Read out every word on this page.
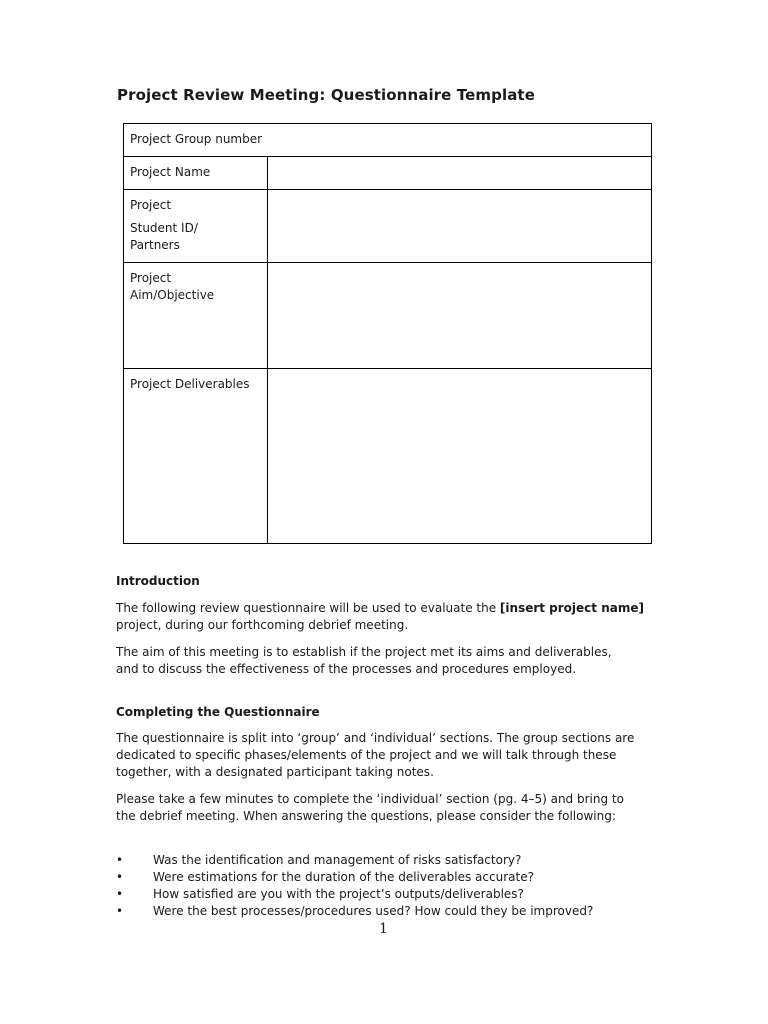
Project Review Meeting: Questionnaire Template
Project Group number
Project Name
Project
Student ID/
Partners
Project
Aim/Objective
Project Deliverables
Introduction
The following review questionnaire will be used to evaluate the [insert project name] project, during our forthcoming debrief meeting.
The aim of this meeting is to establish if the project met its aims and deliverables, and to discuss the effectiveness of the processes and procedures employed.
Completing the Questionnaire
The questionnaire is split into ‘group’ and ‘individual’ sections. The group sections are dedicated to specific phases/elements of the project and we will talk through these together, with a designated participant taking notes.
Please take a few minutes to complete the ‘individual’ section (pg. 4–5) and bring to the debrief meeting. When answering the questions, please consider the following:
• Was the identification and management of risks satisfactory?
• Were estimations for the duration of the deliverables accurate?
• How satisfied are you with the project’s outputs/deliverables?
• Were the best processes/procedures used? How could they be improved?
1
